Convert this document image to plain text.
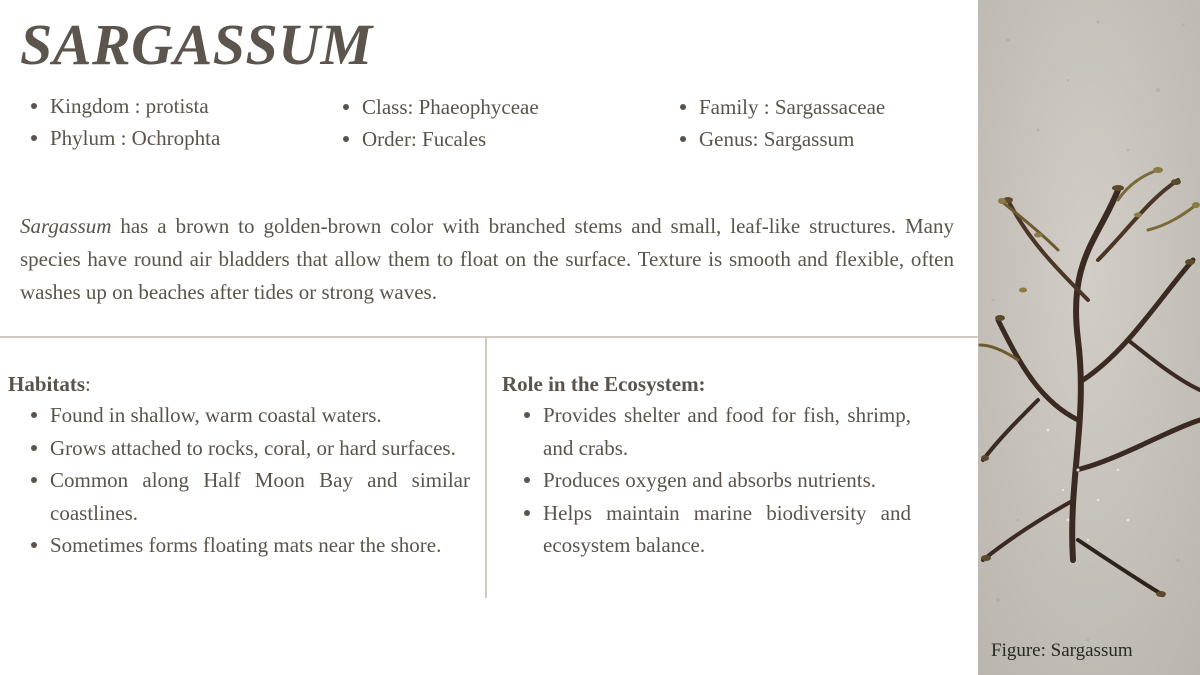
SARGASSUM
Kingdom : protista
Phylum : Ochrophta
Class: Phaeophyceae
Order: Fucales
Family : Sargassaceae
Genus: Sargassum

Sargassum has a brown to golden-brown color with branched stems and small, leaf-like structures. Many species have round air bladders that allow them to float on the surface. Texture is smooth and flexible, often washes up on beaches after tides or strong waves.

Habitats:
Found in shallow, warm coastal waters.
Grows attached to rocks, coral, or hard surfaces.
Common along Half Moon Bay and similar coastlines.
Sometimes forms floating mats near the shore.
Role in the Ecosystem:
Provides shelter and food for fish, shrimp, and crabs.
Produces oxygen and absorbs nutrients.
Helps maintain marine biodiversity and ecosystem balance.
Figure: Sargassum
